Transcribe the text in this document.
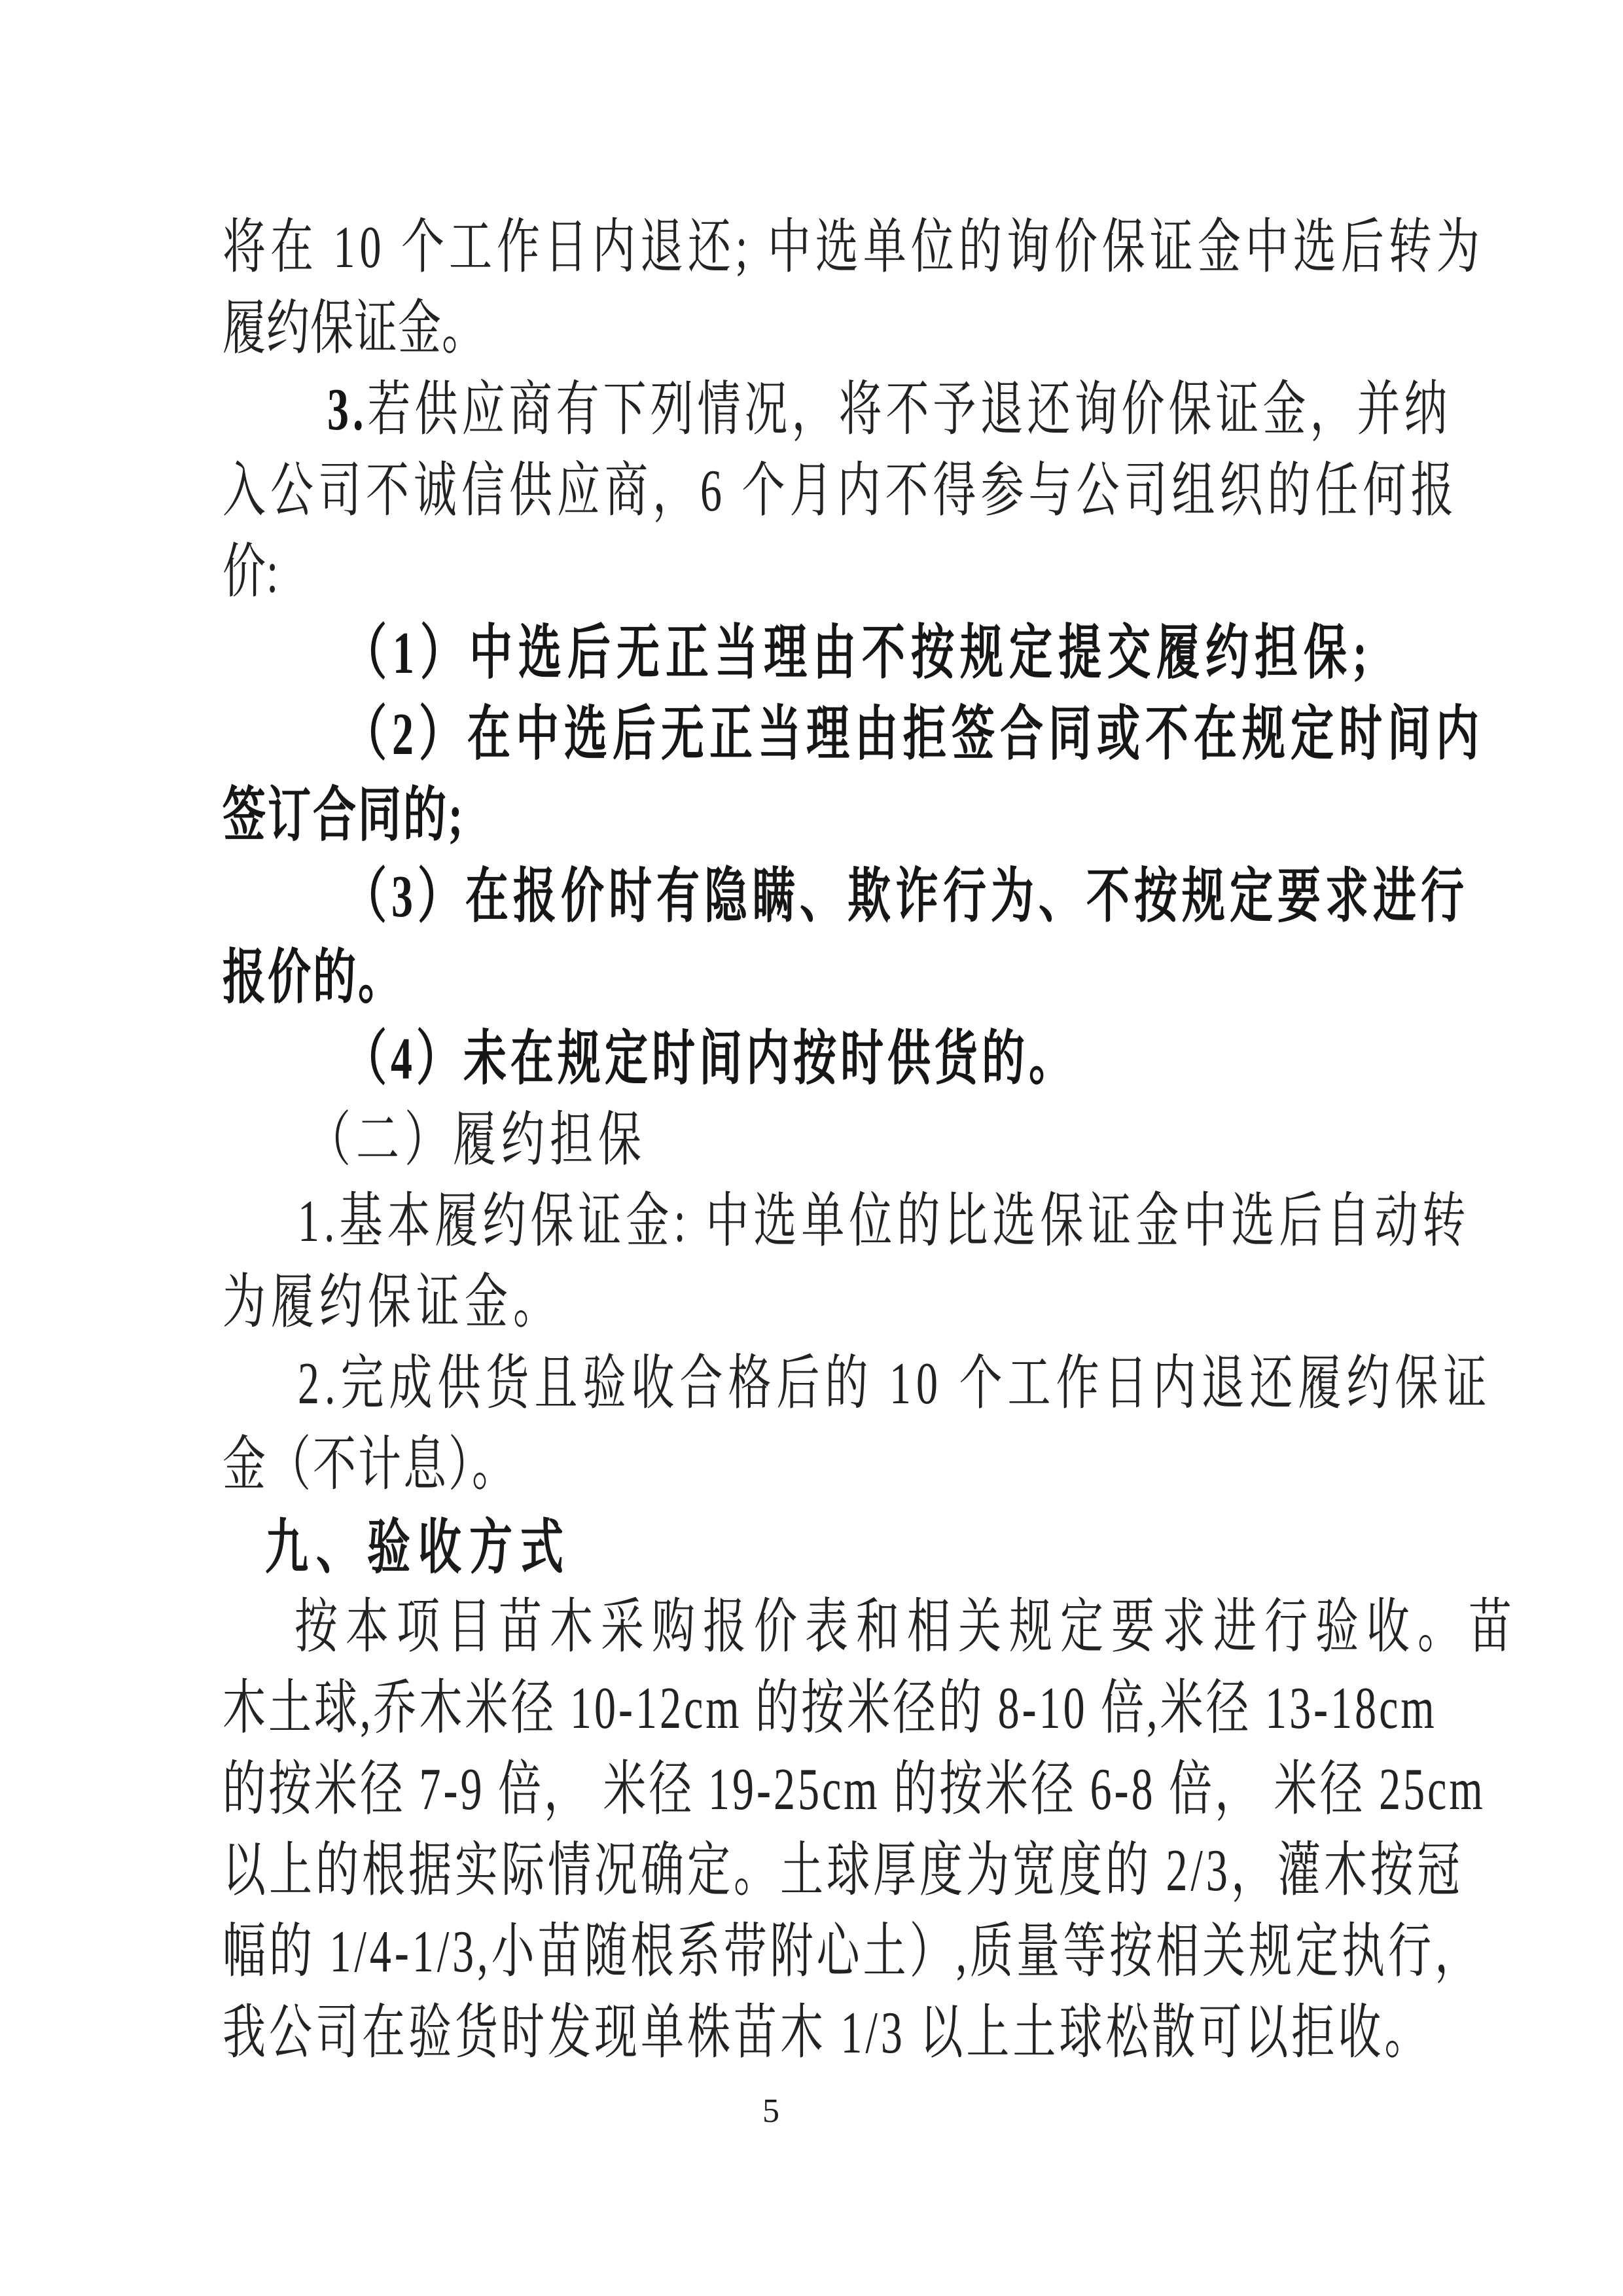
将在 10 个工作日内退还; 中选单位的询价保证金中选后转为
履约保证金。
3.若供应商有下列情况，将不予退还询价保证金，并纳
入公司不诚信供应商，6 个月内不得参与公司组织的任何报
价:
（1）中选后无正当理由不按规定提交履约担保;
（2）在中选后无正当理由拒签合同或不在规定时间内
签订合同的;
（3）在报价时有隐瞒、欺诈行为、不按规定要求进行
报价的。
（4）未在规定时间内按时供货的。
（二）履约担保
1.基本履约保证金: 中选单位的比选保证金中选后自动转
为履约保证金。
2.完成供货且验收合格后的 10 个工作日内退还履约保证
金（不计息）。
九、验收方式
按本项目苗木采购报价表和相关规定要求进行验收。苗
木土球,乔木米径 10-12cm 的按米径的 8-10 倍,米径 13-18cm
的按米径 7-9 倍， 米径 19-25cm 的按米径 6-8 倍， 米径 25cm
以上的根据实际情况确定。土球厚度为宽度的 2/3，灌木按冠
幅的 1/4-1/3,小苗随根系带附心土）,质量等按相关规定执行，
我公司在验货时发现单株苗木 1/3 以上土球松散可以拒收。
5
